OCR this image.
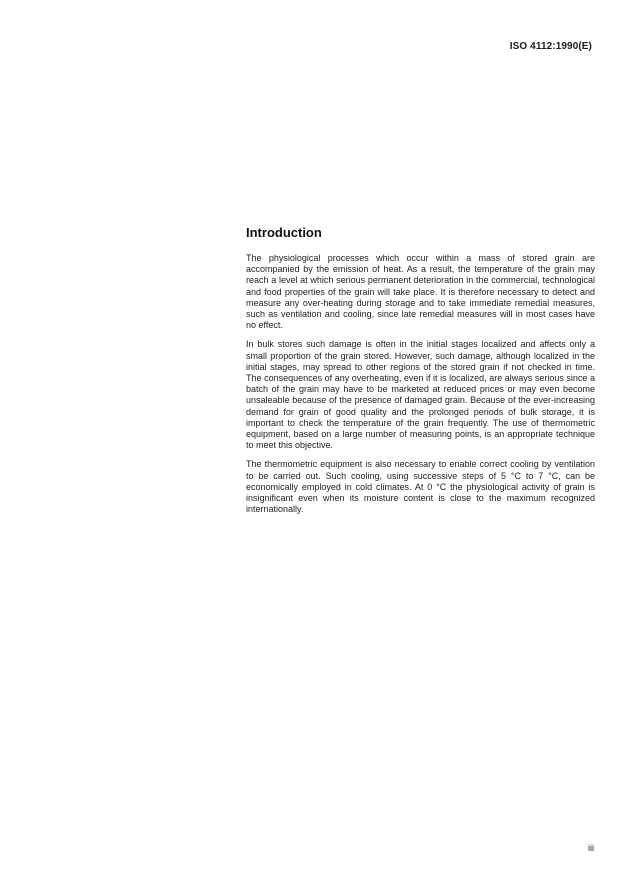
ISO 4112:1990(E)
Introduction

The physiological processes which occur within a mass of stored grain are accompanied by the emission of heat. As a result, the temperature of the grain may reach a level at which serious permanent deterioration in the commercial, technological and food properties of the grain will take place. It is therefore necessary to detect and measure any over-heating during storage and to take immediate remedial measures, such as ventilation and cooling, since late remedial measures will in most cases have no effect.

In bulk stores such damage is often in the initial stages localized and affects only a small proportion of the grain stored. However, such damage, although localized in the initial stages, may spread to other regions of the stored grain if not checked in time. The consequences of any overheating, even if it is localized, are always serious since a batch of the grain may have to be marketed at reduced prices or may even become unsaleable because of the presence of damaged grain. Because of the ever-increasing demand for grain of good quality and the prolonged periods of bulk storage, it is important to check the temperature of the grain frequently. The use of thermometric equipment, based on a large number of measuring points, is an appropriate technique to meet this objective.

The thermometric equipment is also necessary to enable correct cooling by ventilation to be carried out. Such cooling, using successive steps of 5 °C to 7 °C, can be economically employed in cold climates. At 0 °C the physiological activity of grain is insignificant even when its moisture content is close to the maximum recognized internationally.

iii
